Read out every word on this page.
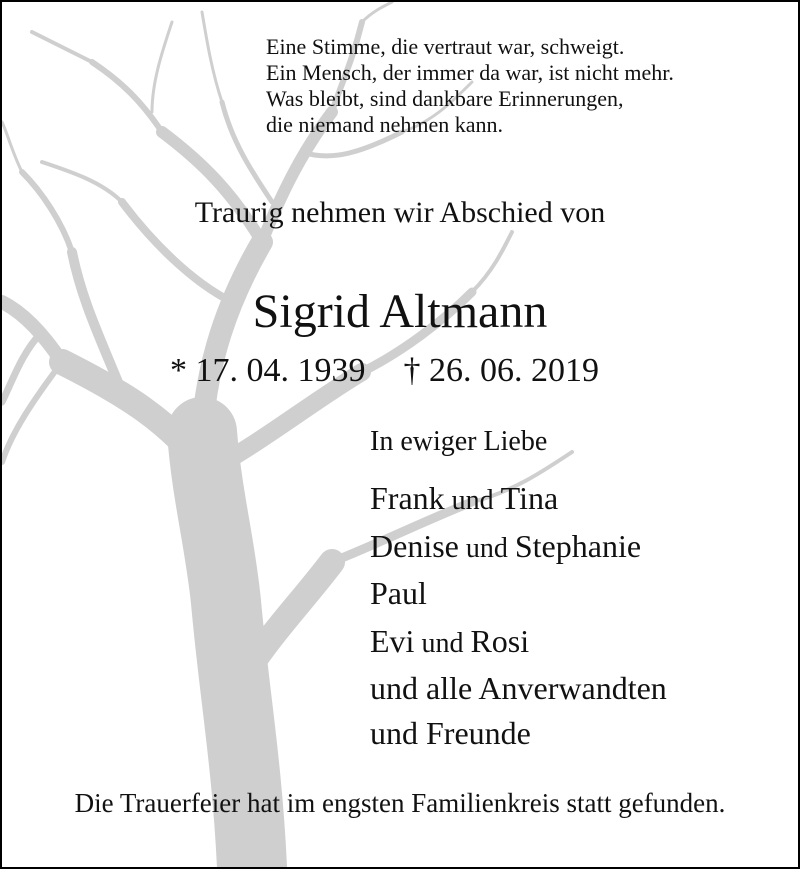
Eine Stimme, die vertraut war, schweigt.
Ein Mensch, der immer da war, ist nicht mehr.
Was bleibt, sind dankbare Erinnerungen,
die niemand nehmen kann.
Traurig nehmen wir Abschied von
Sigrid Altmann
* 17. 04. 1939 † 26. 06. 2019
In ewiger Liebe
Frank und Tina
Denise und Stephanie
Paul
Evi und Rosi
und alle Anverwandten
und Freunde
Die Trauerfeier hat im engsten Familienkreis statt gefunden.
